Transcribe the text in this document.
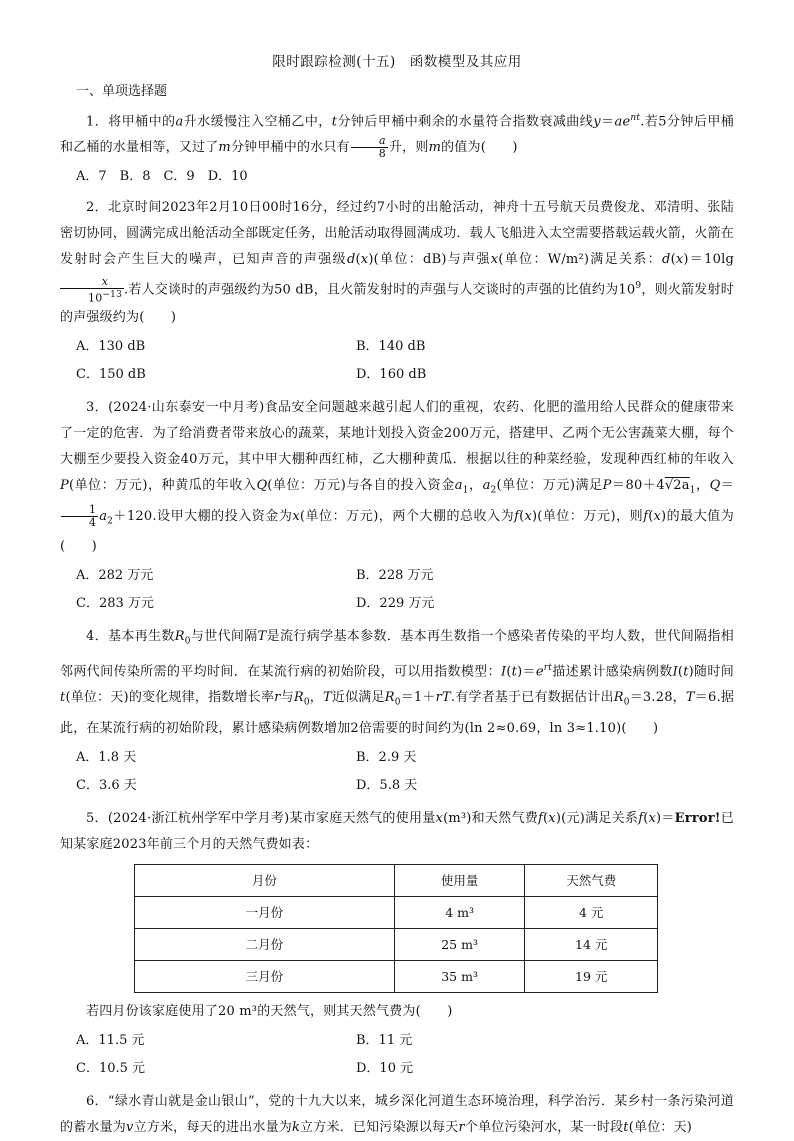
限时跟踪检测(十五)　函数模型及其应用
一、单项选择题

1．将甲桶中的a升水缓慢注入空桶乙中，t分钟后甲桶中剩余的水量符合指数衰减曲线$y=ae^{nt}$.若5分钟后甲桶和乙桶的水量相等，又过了m分钟甲桶中的水只有 $\frac{a}{8}$ 升，则m的值为(　　)

A．7　B．8　C．9　D．10

2．北京时间2023年2月10日00时16分，经过约7小时的出舱活动，神舟十五号航天员费俊龙、邓清明、张陆密切协同，圆满完成出舱活动全部既定任务，出舱活动取得圆满成功．载人飞船进入太空需要搭载运载火箭，火箭在发射时会产生巨大的噪声，已知声音的声强级d(x)(单位：dB)与声强x(单位：W/m²)满足关系：d(x)＝10lg
$\frac{x}{10^{-13}}$ .若人交谈时的声强级约为50 dB，且火箭发射时的声强与人交谈时的声强的比值约为$10^9$，则火箭发射时的声强级约为(　　)

A．130 dB	B．140 dB
C．150 dB	D．160 dB

3．(2024·山东泰安一中月考)食品安全问题越来越引起人们的重视，农药、化肥的滥用给人民群众的健康带来了一定的危害．为了给消费者带来放心的蔬菜，某地计划投入资金200万元，搭建甲、乙两个无公害蔬菜大棚，每个大棚至少要投入资金40万元，其中甲大棚种西红柿，乙大棚种黄瓜．根据以往的种菜经验，发现种西红柿的年收入P(单位：万元)，种黄瓜的年收入Q(单位：万元)与各自的投入资金$a_1$，$a_2$(单位：万元)满足$P=80+4√2a_1$，Q＝
$\frac{1}{4} a_2+120$.设甲大棚的投入资金为x(单位：万元)，两个大棚的总收入为f(x)(单位：万元)，则f(x)的最大值为(　　)

A．282 万元	B．228 万元
C．283 万元	D．229 万元

4．基本再生数$R_0$与世代间隔T是流行病学基本参数．基本再生数指一个感染者传染的平均人数，世代间隔指相邻两代间传染所需的平均时间．在某流行病的初始阶段，可以用指数模型：$I(t)=e^{rt}$描述累计感染病例数I(t)随时间t(单位：天)的变化规律，指数增长率r与$R_0$，T近似满足$R_0=1+rT$.有学者基于已有数据估计出$R_0=3.28$，T＝6.据此，在某流行病的初始阶段，累计感染病例数增加2倍需要的时间约为(ln 2≈0.69，ln 3≈1.10)(　　)

A．1.8 天	B．2.9 天
C．3.6 天	D．5.8 天

5．(2024·浙江杭州学军中学月考)某市家庭天然气的使用量x(m³)和天然气费f(x)(元)满足关系f(x)＝Error!已知某家庭2023年前三个月的天然气费如表：

月份	使用量	天然气费
一月份	4 m³	4 元
二月份	25 m³	14 元
三月份	35 m³	19 元

若四月份该家庭使用了20 m³的天然气，则其天然气费为(　　)

A．11.5 元	B．11 元
C．10.5 元	D．10 元

6．“绿水青山就是金山银山”，党的十九大以来，城乡深化河道生态环境治理，科学治污．某乡村一条污染河道的蓄水量为v立方米，每天的进出水量为k立方米．已知污染源以每天r个单位污染河水，某一时段t(单位：天)
